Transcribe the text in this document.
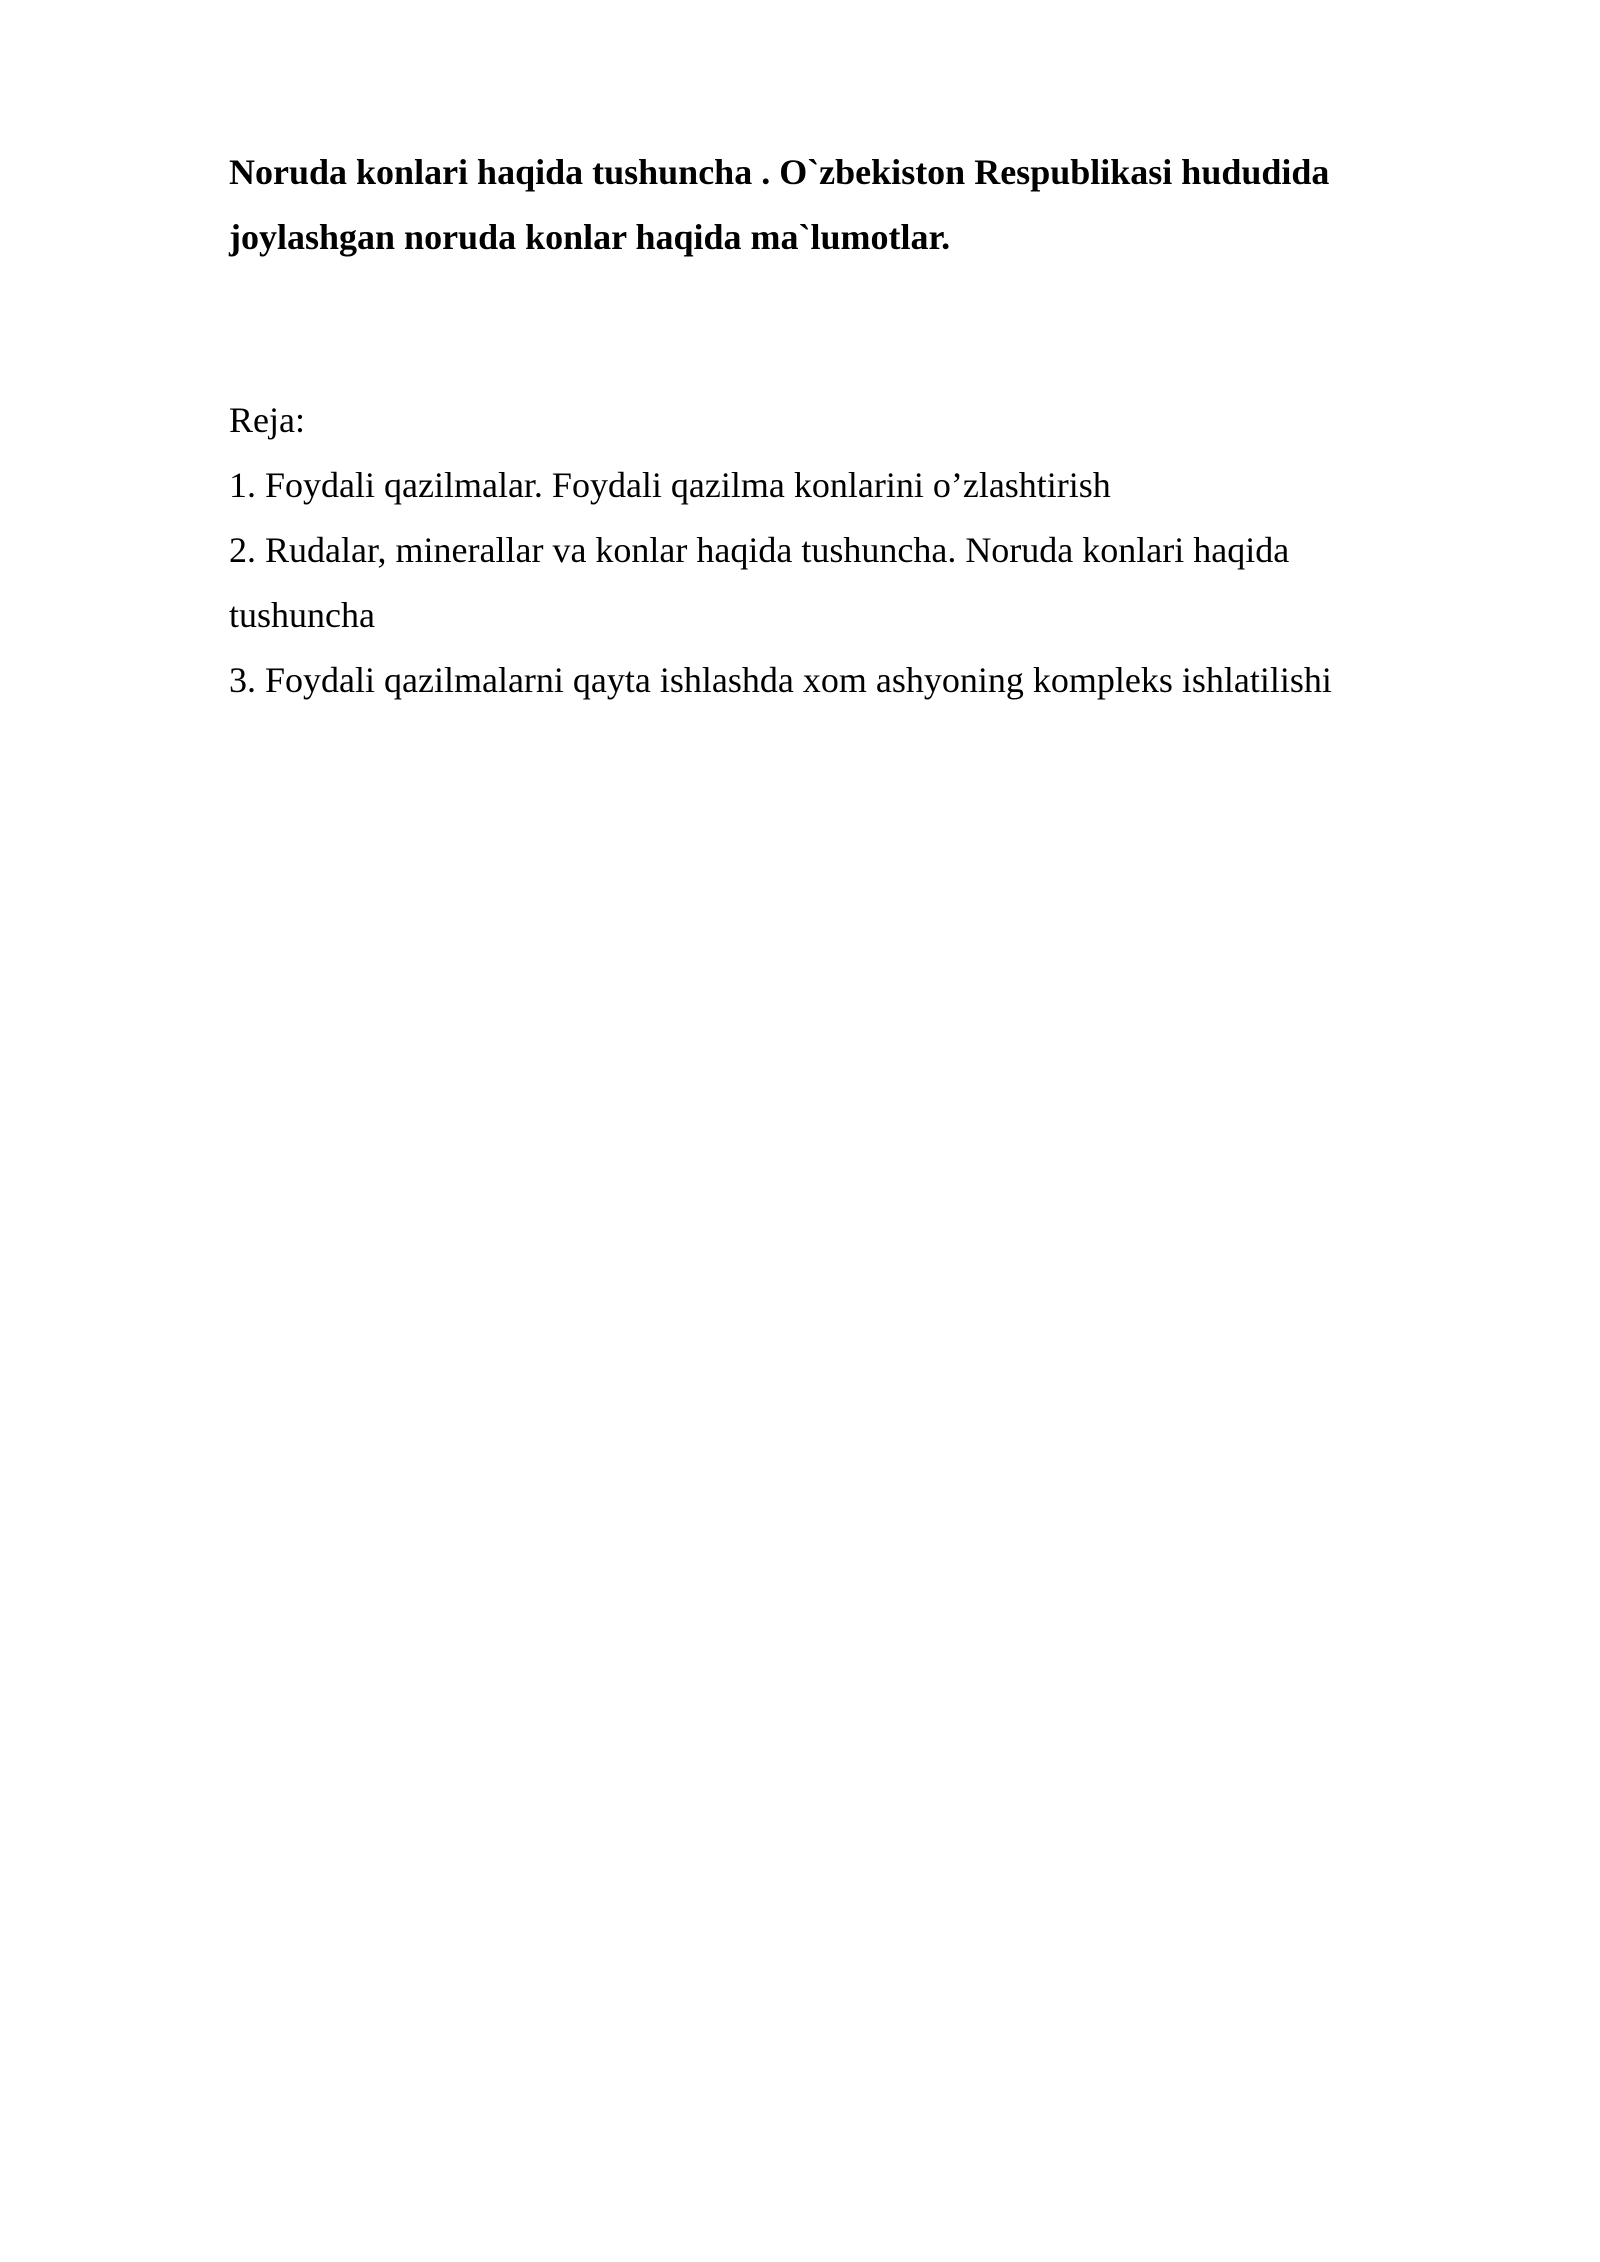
Noruda konlari haqida tushuncha . O`zbekiston Respublikasi hududida
joylashgan noruda konlar haqida ma`lumotlar.

Reja:

1. Foydali qazilmalar. Foydali qazilma konlarini o’zlashtirish
2. Rudalar, minerallar va konlar haqida tushuncha. Noruda konlari haqida
tushuncha
3. Foydali qazilmalarni qayta ishlashda xom ashyoning kompleks ishlatilishi
